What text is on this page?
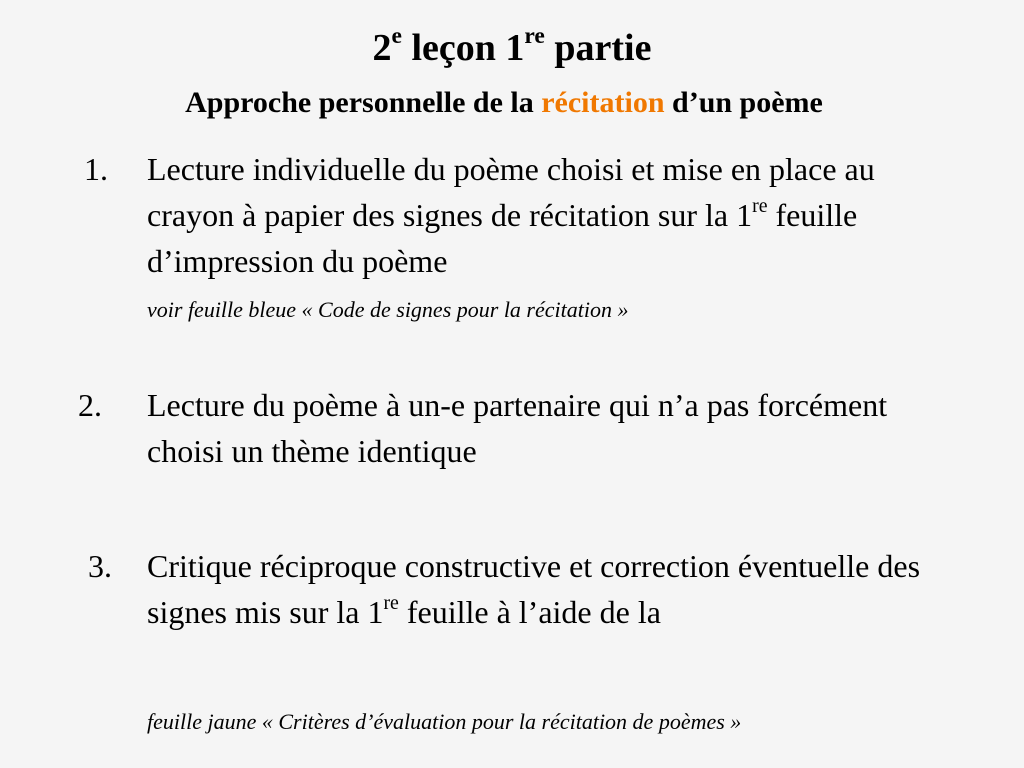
2e leçon 1re partie
Approche personnelle de la récitation d’un poème
1. Lecture individuelle du poème choisi et mise en place au crayon à papier des signes de récitation sur la 1re feuille d’impression du poème

voir feuille bleue « Code de signes pour la récitation »

2. Lecture du poème à un-e partenaire qui n’a pas forcément choisi un thème identique

3. Critique réciproque constructive et correction éventuelle des signes mis sur la 1re feuille à l’aide de la

feuille jaune « Critères d’évaluation pour la récitation de poèmes »
